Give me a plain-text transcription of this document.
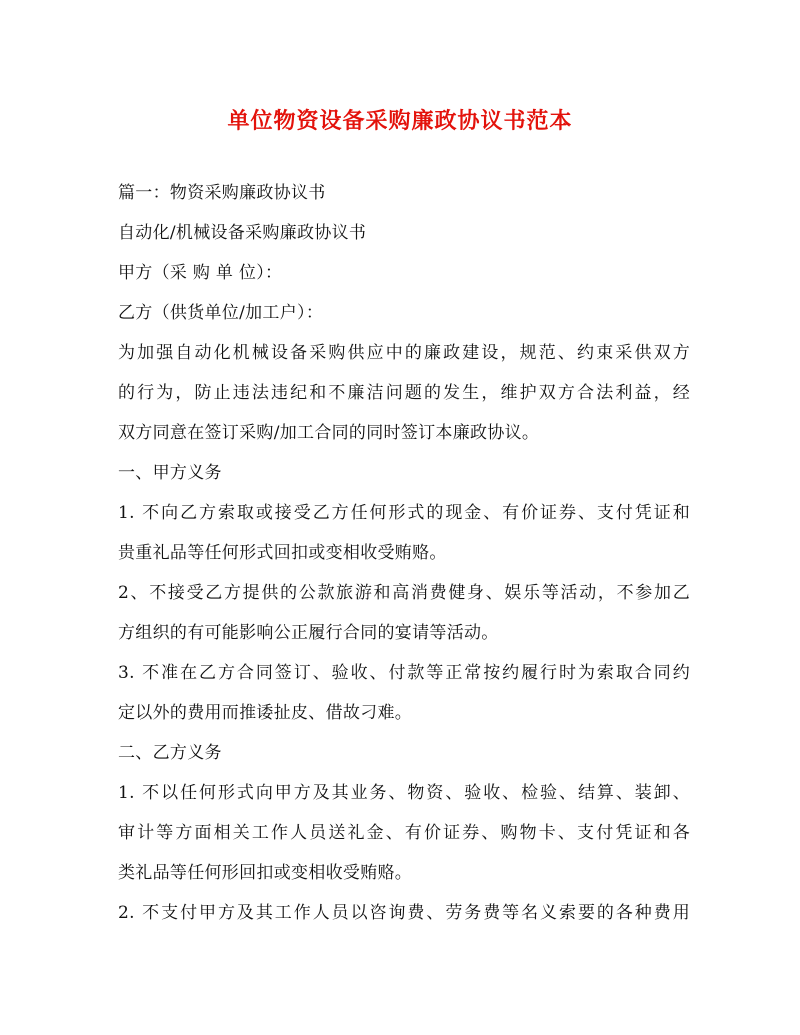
单位物资设备采购廉政协议书范本
篇一：物资采购廉政协议书
自动化/机械设备采购廉政协议书
甲方（采 购 单 位）：
乙方（供货单位/加工户）：
为加强自动化机械设备采购供应中的廉政建设，规范、约束采供双方
的行为，防止违法违纪和不廉洁问题的发生，维护双方合法利益，经
双方同意在签订采购/加工合同的同时签订本廉政协议。
一、甲方义务
1. 不向乙方索取或接受乙方任何形式的现金、有价证券、支付凭证和
贵重礼品等任何形式回扣或变相收受贿赂。
2、不接受乙方提供的公款旅游和高消费健身、娱乐等活动，不参加乙
方组织的有可能影响公正履行合同的宴请等活动。
3. 不准在乙方合同签订、验收、付款等正常按约履行时为索取合同约
定以外的费用而推诿扯皮、借故刁难。
二、乙方义务
1. 不以任何形式向甲方及其业务、物资、验收、检验、结算、装卸、
审计等方面相关工作人员送礼金、有价证券、购物卡、支付凭证和各
类礼品等任何形回扣或变相收受贿赂。
2. 不支付甲方及其工作人员以咨询费、劳务费等名义索要的各种费用
